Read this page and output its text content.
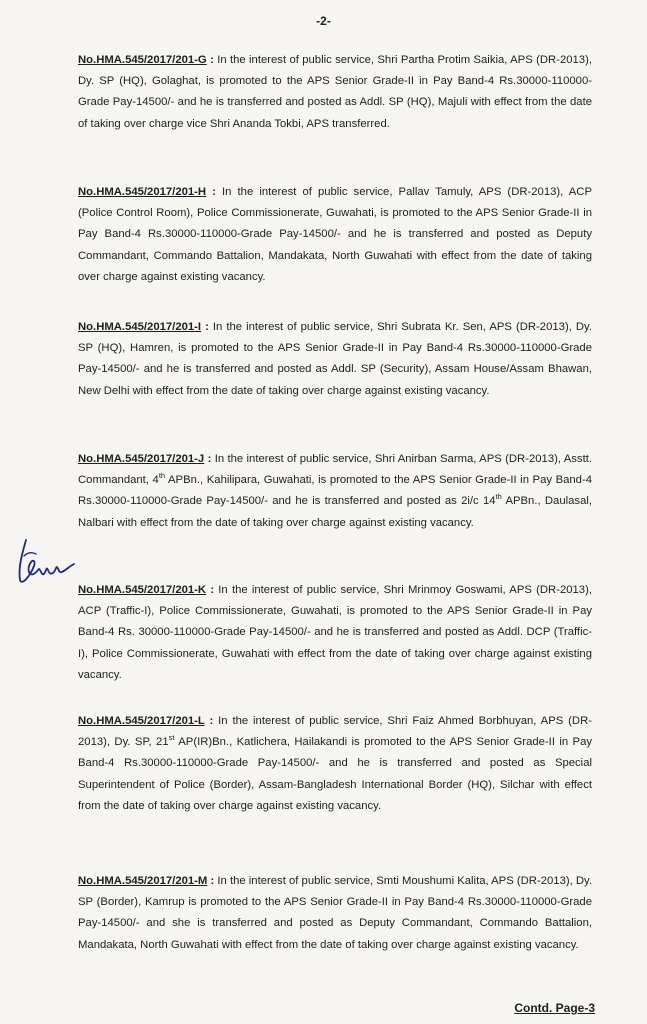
-2-
No.HMA.545/2017/201-G : In the interest of public service, Shri Partha Protim Saikia, APS (DR-2013), Dy. SP (HQ), Golaghat, is promoted to the APS Senior Grade-II in Pay Band-4 Rs.30000-110000-Grade Pay-14500/- and he is transferred and posted as Addl. SP (HQ), Majuli with effect from the date of taking over charge vice Shri Ananda Tokbi, APS transferred.
No.HMA.545/2017/201-H : In the interest of public service, Pallav Tamuly, APS (DR-2013), ACP (Police Control Room), Police Commissionerate, Guwahati, is promoted to the APS Senior Grade-II in Pay Band-4 Rs.30000-110000-Grade Pay-14500/- and he is transferred and posted as Deputy Commandant, Commando Battalion, Mandakata, North Guwahati with effect from the date of taking over charge against existing vacancy.
No.HMA.545/2017/201-I : In the interest of public service, Shri Subrata Kr. Sen, APS (DR-2013), Dy. SP (HQ), Hamren, is promoted to the APS Senior Grade-II in Pay Band-4 Rs.30000-110000-Grade Pay-14500/- and he is transferred and posted as Addl. SP (Security), Assam House/Assam Bhawan, New Delhi with effect from the date of taking over charge against existing vacancy.
No.HMA.545/2017/201-J : In the interest of public service, Shri Anirban Sarma, APS (DR-2013), Asstt. Commandant, 4th APBn., Kahilipara, Guwahati, is promoted to the APS Senior Grade-II in Pay Band-4 Rs.30000-110000-Grade Pay-14500/- and he is transferred and posted as 2i/c 14th APBn., Daulasal, Nalbari with effect from the date of taking over charge against existing vacancy.
No.HMA.545/2017/201-K : In the interest of public service, Shri Mrinmoy Goswami, APS (DR-2013), ACP (Traffic-I), Police Commissionerate, Guwahati, is promoted to the APS Senior Grade-II in Pay Band-4 Rs. 30000-110000-Grade Pay-14500/- and he is transferred and posted as Addl. DCP (Traffic-I), Police Commissionerate, Guwahati with effect from the date of taking over charge against existing vacancy.
No.HMA.545/2017/201-L : In the interest of public service, Shri Faiz Ahmed Borbhuyan, APS (DR-2013), Dy. SP, 21st AP(IR)Bn., Katlichera, Hailakandi is promoted to the APS Senior Grade-II in Pay Band-4 Rs.30000-110000-Grade Pay-14500/- and he is transferred and posted as Special Superintendent of Police (Border), Assam-Bangladesh International Border (HQ), Silchar with effect from the date of taking over charge against existing vacancy.
No.HMA.545/2017/201-M : In the interest of public service, Smti Moushumi Kalita, APS (DR-2013), Dy. SP (Border), Kamrup is promoted to the APS Senior Grade-II in Pay Band-4 Rs.30000-110000-Grade Pay-14500/- and she is transferred and posted as Deputy Commandant, Commando Battalion, Mandakata, North Guwahati with effect from the date of taking over charge against existing vacancy.
Contd. Page-3
